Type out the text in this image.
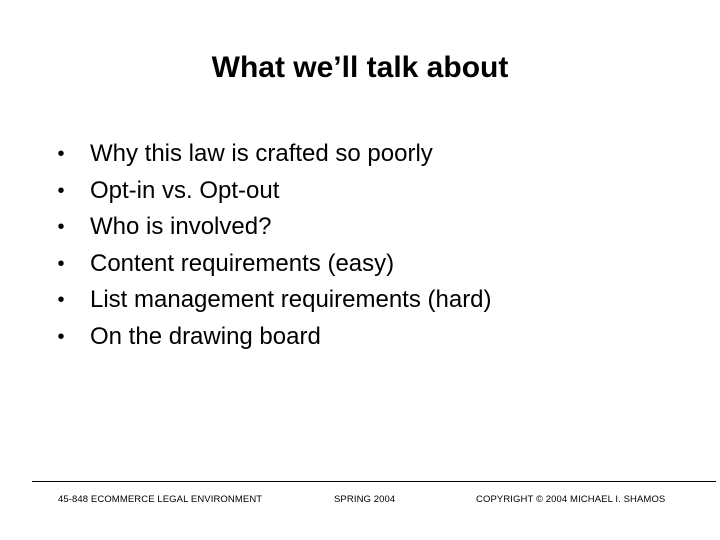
What we’ll talk about
• Why this law is crafted so poorly
• Opt-in vs. Opt-out
• Who is involved?
• Content requirements (easy)
• List management requirements (hard)
• On the drawing board
45-848 ECOMMERCE LEGAL ENVIRONMENT	SPRING 2004	COPYRIGHT © 2004 MICHAEL I. SHAMOS
